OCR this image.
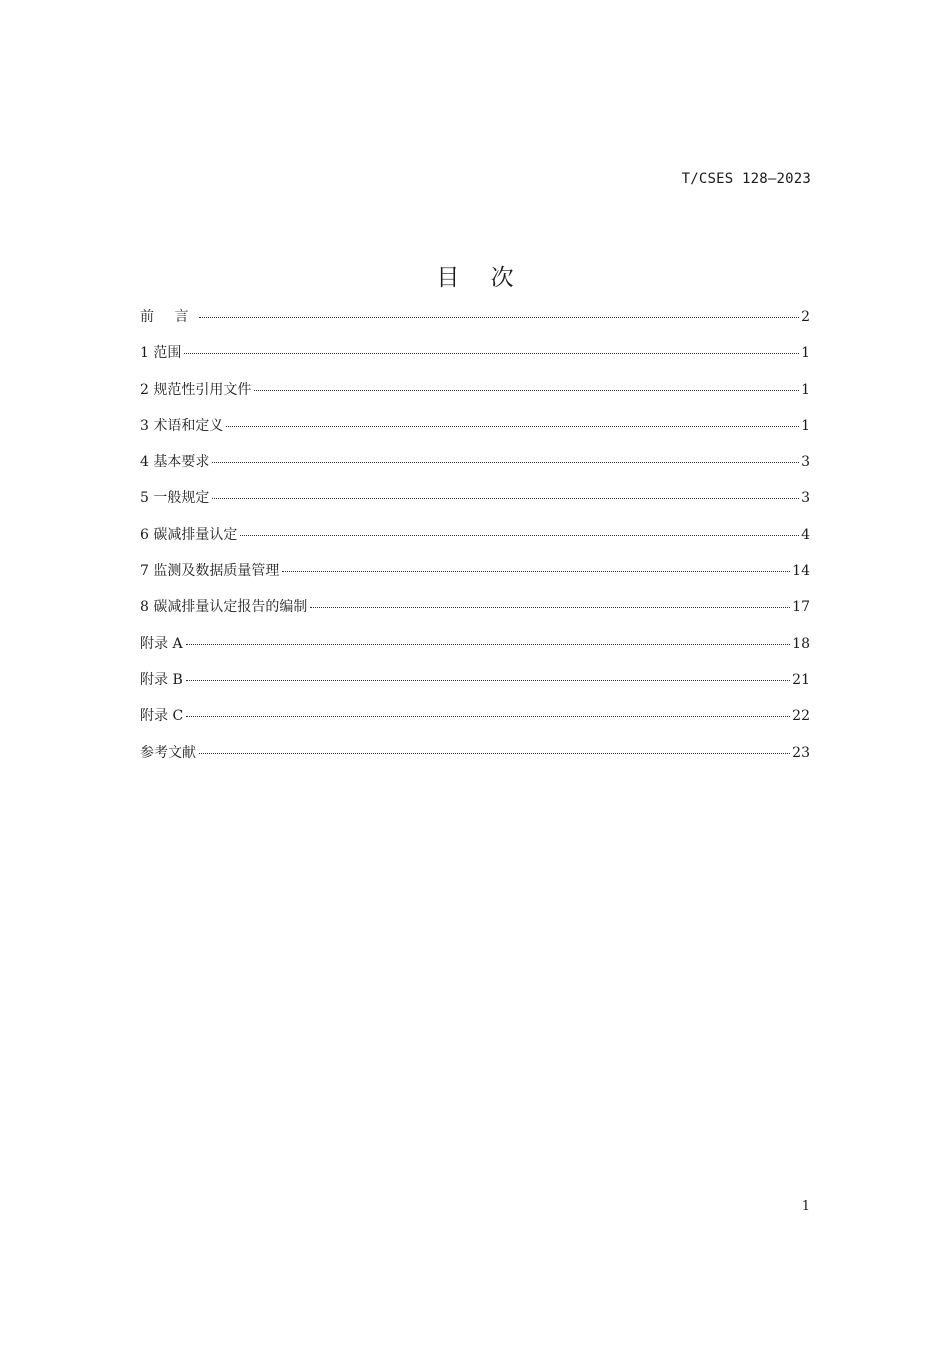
T/CSES 128—2023
目 次
前 言	2
1 范围	1
2 规范性引用文件	1
3 术语和定义	1
4 基本要求	3
5 一般规定	3
6 碳减排量认定	4
7 监测及数据质量管理	14
8 碳减排量认定报告的编制	17
附录 A	18
附录 B	21
附录 C	22
参考文献	23
1
